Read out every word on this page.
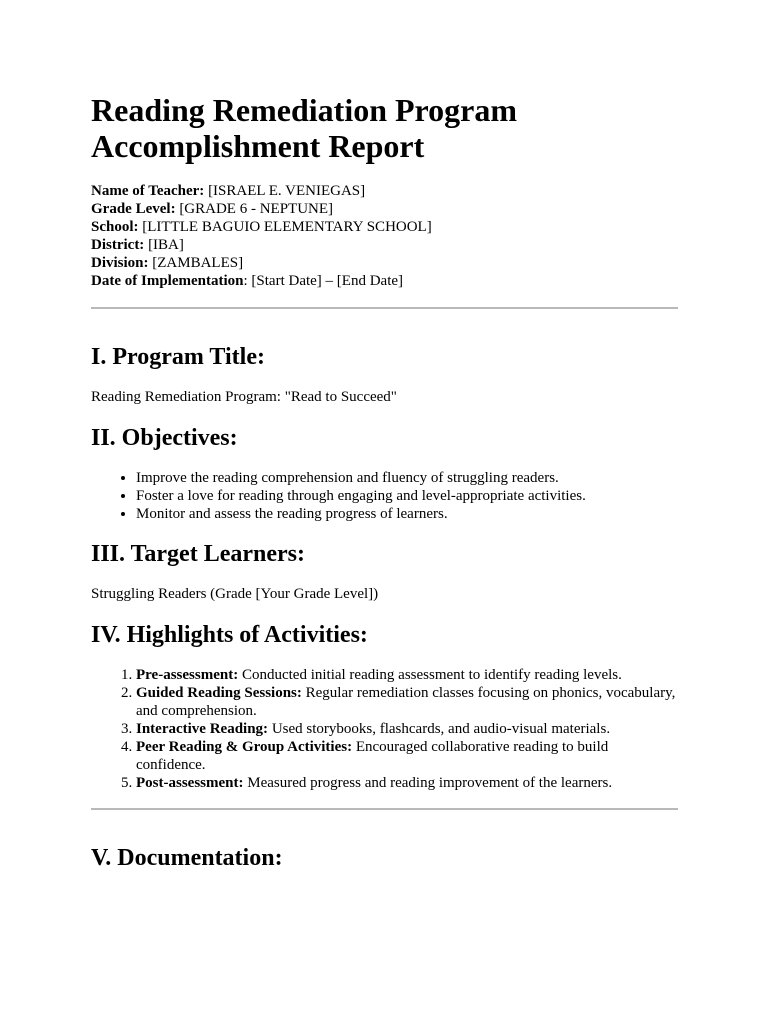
Reading Remediation Program
Accomplishment Report
Name of Teacher: [ISRAEL E. VENIEGAS]
Grade Level: [GRADE 6 - NEPTUNE]
School: [LITTLE BAGUIO ELEMENTARY SCHOOL]
District: [IBA]
Division: [ZAMBALES]
Date of Implementation: [Start Date] – [End Date]
I. Program Title:

Reading Remediation Program: "Read to Succeed"

II. Objectives:
• Improve the reading comprehension and fluency of struggling readers.
• Foster a love for reading through engaging and level-appropriate activities.
• Monitor and assess the reading progress of learners.
III. Target Learners:

Struggling Readers (Grade [Your Grade Level])

IV. Highlights of Activities:
1. Pre-assessment: Conducted initial reading assessment to identify reading levels.
2. Guided Reading Sessions: Regular remediation classes focusing on phonics, vocabulary, and comprehension.
3. Interactive Reading: Used storybooks, flashcards, and audio-visual materials.
4. Peer Reading & Group Activities: Encouraged collaborative reading to build confidence.
5. Post-assessment: Measured progress and reading improvement of the learners.
V. Documentation:
